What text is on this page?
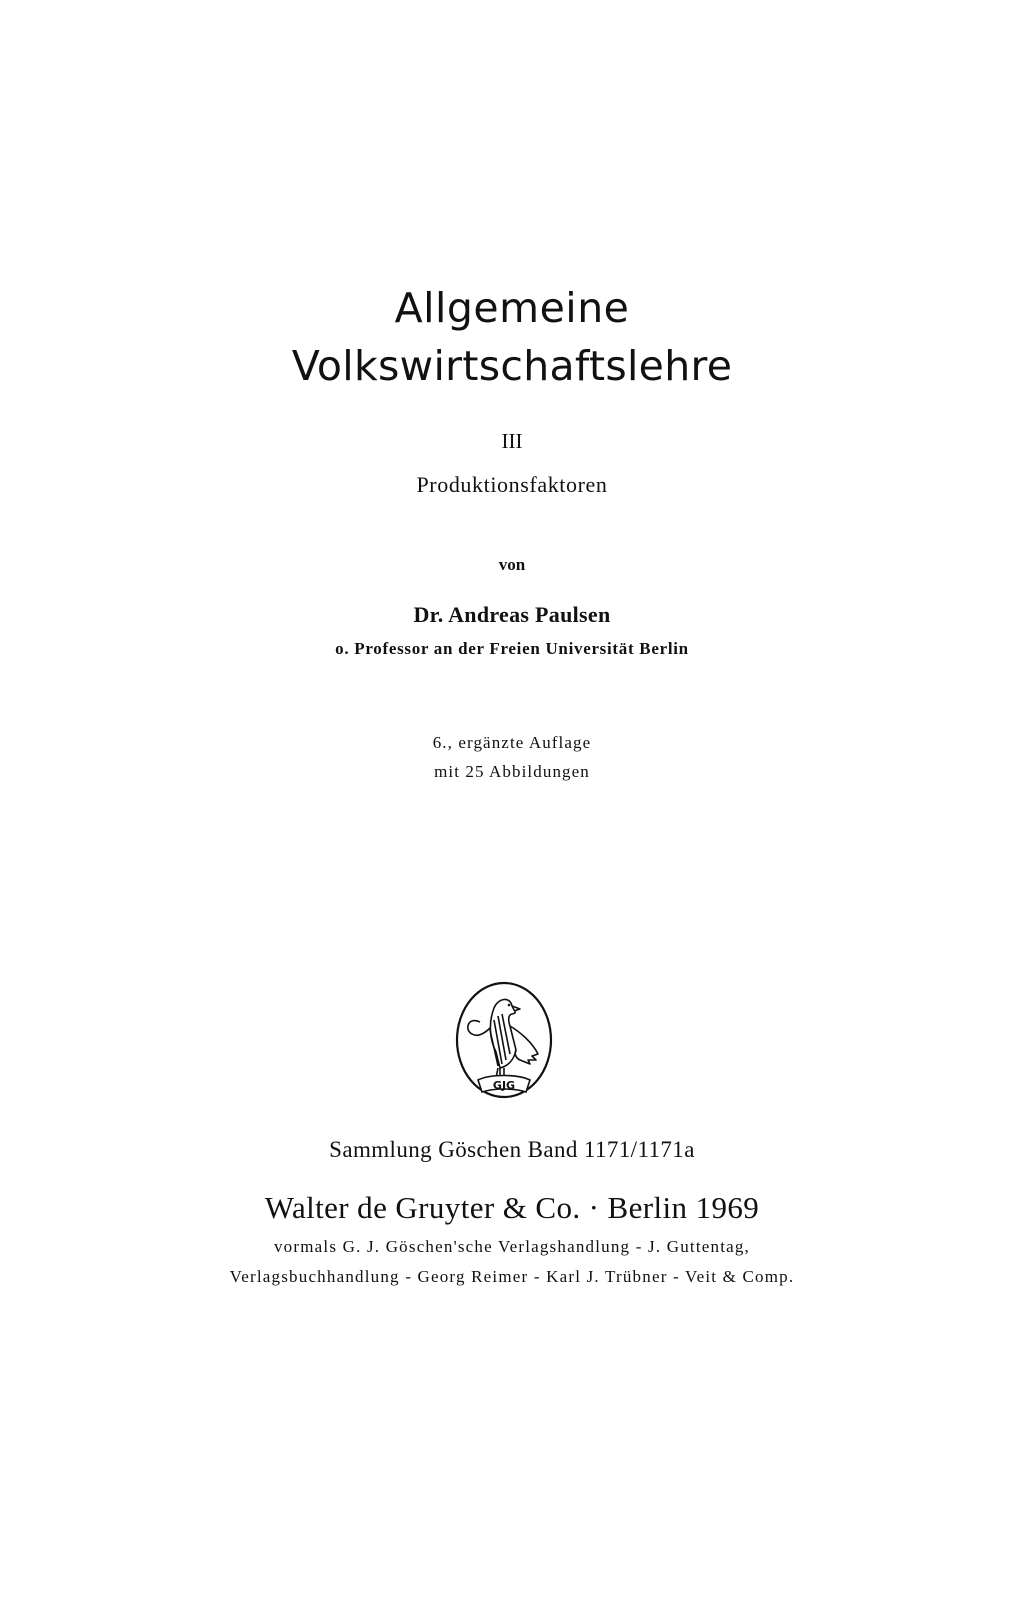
Allgemeine
Volkswirtschaftslehre
III
Produktionsfaktoren
von
Dr. Andreas Paulsen
o. Professor an der Freien Universität Berlin
6., ergänzte Auflage
mit 25 Abbildungen
GJG
Sammlung Göschen Band 1171/1171a
Walter de Gruyter & Co. · Berlin 1969
vormals G. J. Göschen'sche Verlagshandlung - J. Guttentag,
Verlagsbuchhandlung - Georg Reimer - Karl J. Trübner - Veit & Comp.
